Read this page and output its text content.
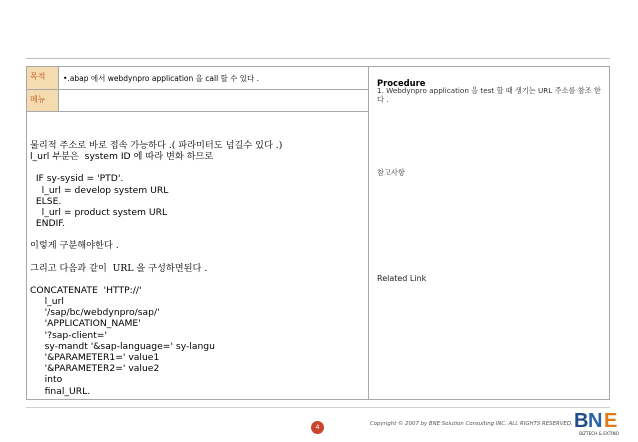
목적	•.abap 에서 webdynpro application 을 call 할 수 있다 .
메뉴
물리적 주소로 바로 접속 가능하다 .( 파라미터도 넘길수 있다 .)
l_url 부분은  system ID 에 따라 변화 하므로
IF sy-sysid = 'PTD'.
l_url = develop system URL
ELSE.
l_url = product system URL
ENDIF.
이렇게 구분해야한다 .
그리고 다음과 같이  URL 을 구성하면된다 .
CONCATENATE  'HTTP://'
l_url
'/sap/bc/webdynpro/sap/'
'APPLICATION_NAME'
'?sap-client='
sy-mandt '&sap-language=' sy-langu
'&PARAMETER1=' value1
'&PARAMETER2=' value2
into
final_URL.
Procedure
1. Webdynpro application 을 test 할 때 생기는 URL 주소를 참조 한다 .
참고사항
Related Link
4	Copyright © 2007 by BNE Solution Consulting INC. ALL RIGHTS RESERVED. B N E
BIZTECH & EXTINO
